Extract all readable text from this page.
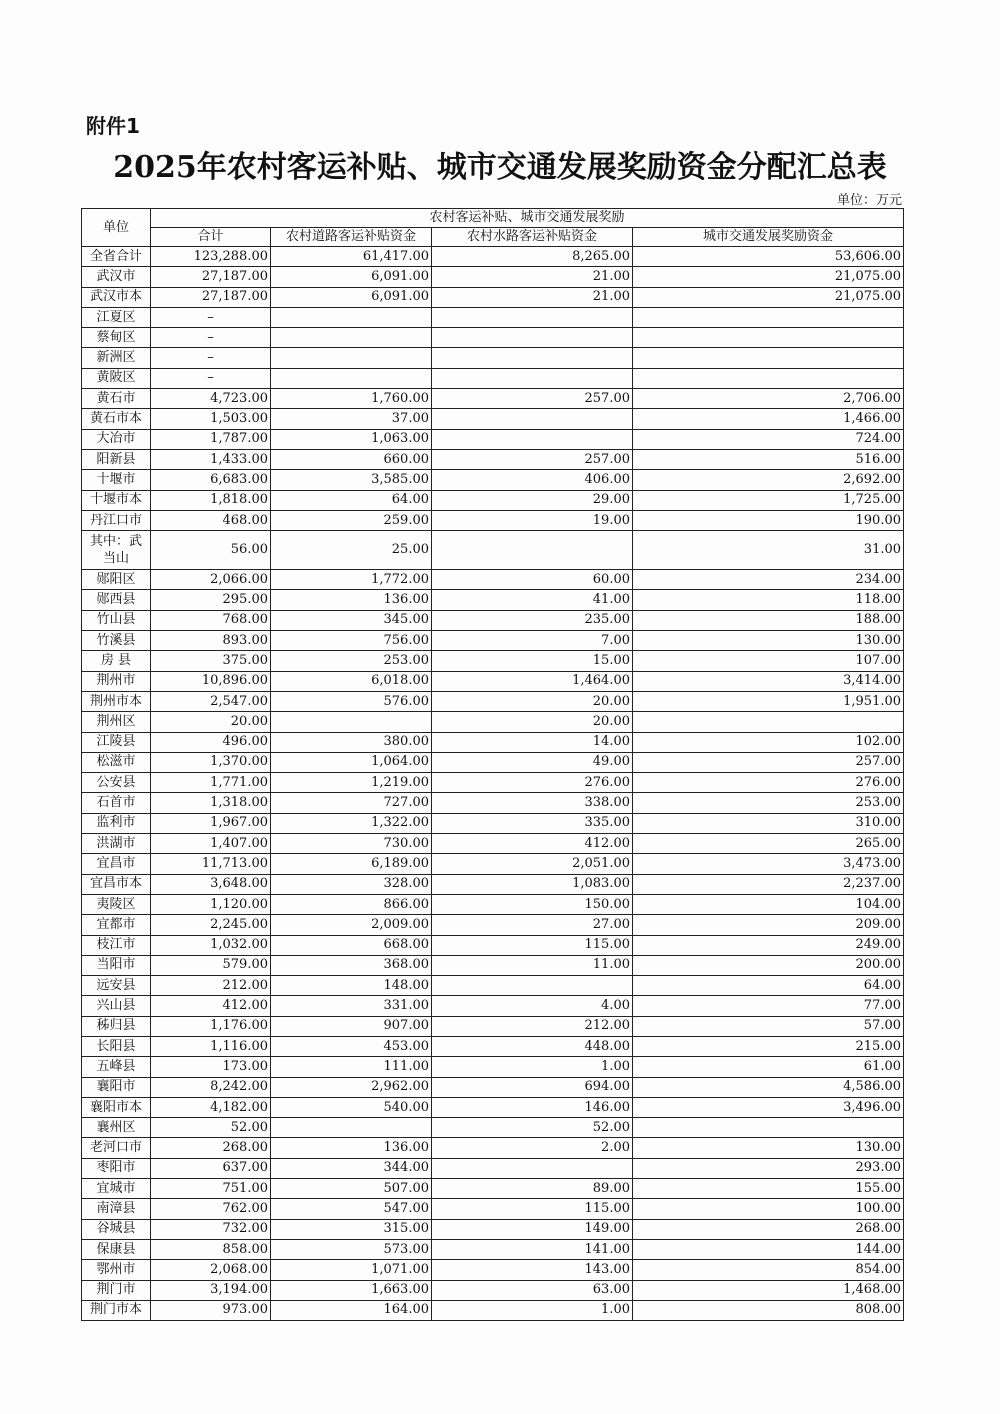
附件1
2025年农村客运补贴、城市交通发展奖励资金分配汇总表
单位：万元
单位	农村客运补贴、城市交通发展奖励			
	合计	农村道路客运补贴资金	农村水路客运补贴资金	城市交通发展奖励资金
全省合计	123,288.00	61,417.00	8,265.00	53,606.00
武汉市	27,187.00	6,091.00	21.00	21,075.00
武汉市本	27,187.00	6,091.00	21.00	21,075.00
江夏区	–			
蔡甸区	–			
新洲区	–			
黄陂区	–			
黄石市	4,723.00	1,760.00	257.00	2,706.00
黄石市本	1,503.00	37.00		1,466.00
大冶市	1,787.00	1,063.00		724.00
阳新县	1,433.00	660.00	257.00	516.00
十堰市	6,683.00	3,585.00	406.00	2,692.00
十堰市本	1,818.00	64.00	29.00	1,725.00
丹江口市	468.00	259.00	19.00	190.00
其中：武当山	56.00	25.00		31.00
郧阳区	2,066.00	1,772.00	60.00	234.00
郧西县	295.00	136.00	41.00	118.00
竹山县	768.00	345.00	235.00	188.00
竹溪县	893.00	756.00	7.00	130.00
房 县	375.00	253.00	15.00	107.00
荆州市	10,896.00	6,018.00	1,464.00	3,414.00
荆州市本	2,547.00	576.00	20.00	1,951.00
荆州区	20.00		20.00	
江陵县	496.00	380.00	14.00	102.00
松滋市	1,370.00	1,064.00	49.00	257.00
公安县	1,771.00	1,219.00	276.00	276.00
石首市	1,318.00	727.00	338.00	253.00
监利市	1,967.00	1,322.00	335.00	310.00
洪湖市	1,407.00	730.00	412.00	265.00
宜昌市	11,713.00	6,189.00	2,051.00	3,473.00
宜昌市本	3,648.00	328.00	1,083.00	2,237.00
夷陵区	1,120.00	866.00	150.00	104.00
宜都市	2,245.00	2,009.00	27.00	209.00
枝江市	1,032.00	668.00	115.00	249.00
当阳市	579.00	368.00	11.00	200.00
远安县	212.00	148.00		64.00
兴山县	412.00	331.00	4.00	77.00
秭归县	1,176.00	907.00	212.00	57.00
长阳县	1,116.00	453.00	448.00	215.00
五峰县	173.00	111.00	1.00	61.00
襄阳市	8,242.00	2,962.00	694.00	4,586.00
襄阳市本	4,182.00	540.00	146.00	3,496.00
襄州区	52.00		52.00	
老河口市	268.00	136.00	2.00	130.00
枣阳市	637.00	344.00		293.00
宜城市	751.00	507.00	89.00	155.00
南漳县	762.00	547.00	115.00	100.00
谷城县	732.00	315.00	149.00	268.00
保康县	858.00	573.00	141.00	144.00
鄂州市	2,068.00	1,071.00	143.00	854.00
荆门市	3,194.00	1,663.00	63.00	1,468.00
荆门市本	973.00	164.00	1.00	808.00
